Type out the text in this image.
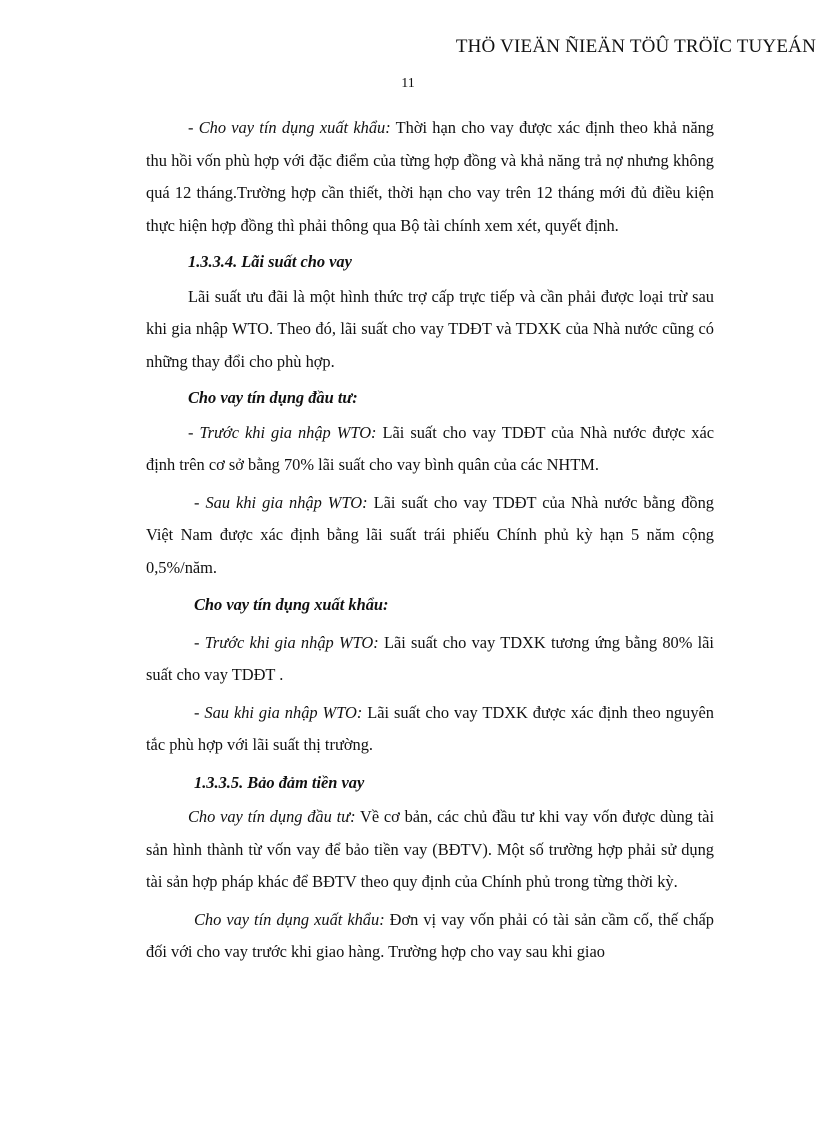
THÖ VIEÄN ÑIEÄN TÖÛ TRÖÏC TUYEÁN
11

- Cho vay tín dụng xuất khẩu: Thời hạn cho vay được xác định theo khả năng thu hồi vốn phù hợp với đặc điểm của từng hợp đồng và khả năng trả nợ nhưng không quá 12 tháng.Trường hợp cần thiết, thời hạn cho vay trên 12 tháng mới đủ điều kiện thực hiện hợp đồng thì phải thông qua Bộ tài chính xem xét, quyết định.

1.3.3.4. Lãi suất cho vay

Lãi suất ưu đãi là một hình thức trợ cấp trực tiếp và cần phải được loại trừ sau khi gia nhập WTO. Theo đó, lãi suất cho vay TDĐT và TDXK của Nhà nước cũng có những thay đổi cho phù hợp.

Cho vay tín dụng đầu tư:

- Trước khi gia nhập WTO: Lãi suất cho vay TDĐT của Nhà nước được xác định trên cơ sở bằng 70% lãi suất cho vay bình quân của các NHTM.

- Sau khi gia nhập WTO: Lãi suất cho vay TDĐT của Nhà nước bằng đồng Việt Nam được xác định bằng lãi suất trái phiếu Chính phủ kỳ hạn 5 năm cộng 0,5%/năm.

Cho vay tín dụng xuất khẩu:

- Trước khi gia nhập WTO: Lãi suất cho vay TDXK tương ứng bằng 80% lãi suất cho vay TDĐT .

- Sau khi gia nhập WTO: Lãi suất cho vay TDXK được xác định theo nguyên tắc phù hợp với lãi suất thị trường.

1.3.3.5. Bảo đảm tiền vay

Cho vay tín dụng đầu tư: Về cơ bản, các chủ đầu tư khi vay vốn được dùng tài sản hình thành từ vốn vay để bảo tiền vay (BĐTV). Một số trường hợp phải sử dụng tài sản hợp pháp khác để BĐTV theo quy định của Chính phủ trong từng thời kỳ.

Cho vay tín dụng xuất khẩu: Đơn vị vay vốn phải có tài sản cầm cố, thế chấp đối với cho vay trước khi giao hàng. Trường hợp cho vay sau khi giao
